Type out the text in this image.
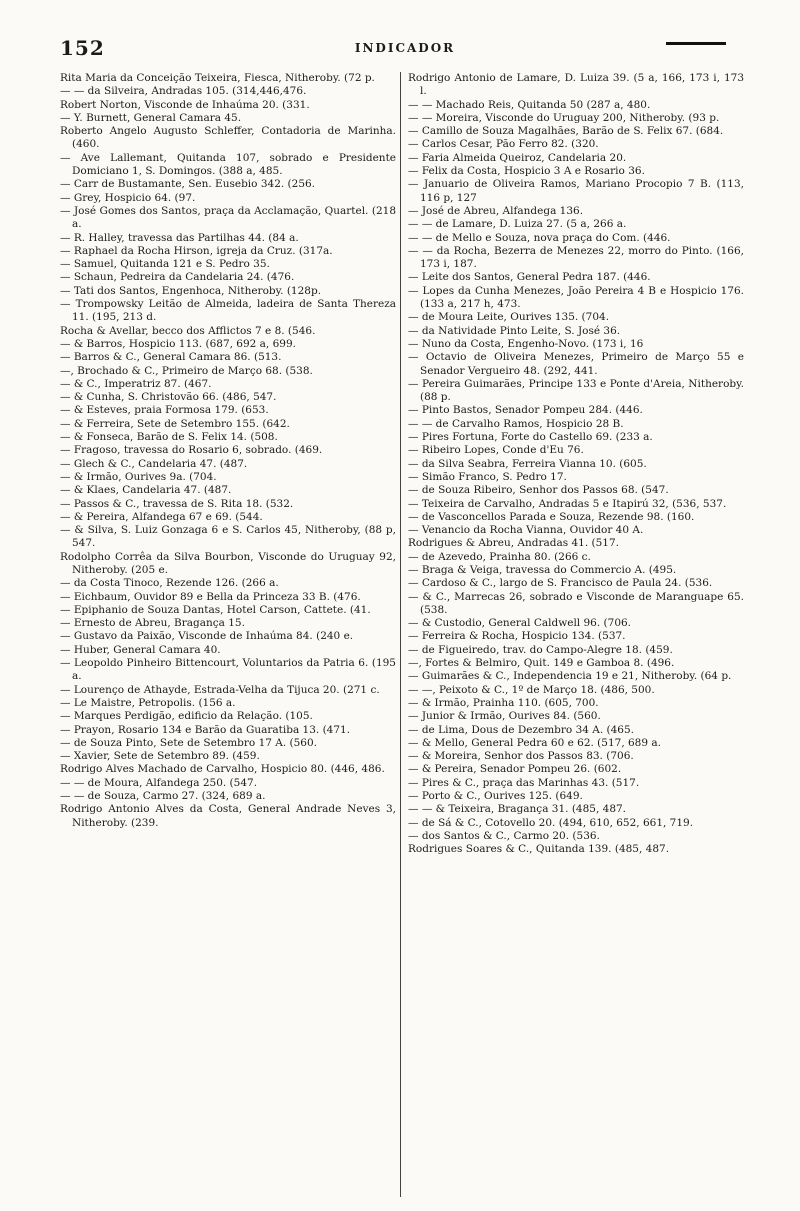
152	INDICADOR
Rita Maria da Conceição Teixeira, Fiesca, Nitheroby. (72 p.
— — da Silveira, Andradas 105. (314,446,476.
Robert Norton, Visconde de Inhaúma 20. (331.
— Y. Burnett, General Camara 45.
Roberto Angelo Augusto Schleffer, Contadoria de Marinha. (460.
— Ave Lallemant, Quitanda 107, sobrado e Presidente Domiciano 1, S. Domingos. (388 a, 485.
— Carr de Bustamante, Sen. Eusebio 342. (256.
— Grey, Hospicio 64. (97.
— José Gomes dos Santos, praça da Acclamação, Quartel. (218 a.
— R. Halley, travessa das Partilhas 44. (84 a.
— Raphael da Rocha Hirson, igreja da Cruz. (317a.
— Samuel, Quitanda 121 e S. Pedro 35.
— Schaun, Pedreira da Candelaria 24. (476.
— Tati dos Santos, Engenhoca, Nitheroby. (128p.
— Trompowsky Leitão de Almeida, ladeira de Santa Thereza 11. (195, 213 d.
Rocha & Avellar, becco dos Afflictos 7 e 8. (546.
— & Barros, Hospicio 113. (687, 692 a, 699.
— Barros & C., General Camara 86. (513.
—, Brochado & C., Primeiro de Março 68. (538.
— & C., Imperatriz 87. (467.
— & Cunha, S. Christovão 66. (486, 547.
— & Esteves, praia Formosa 179. (653.
— & Ferreira, Sete de Setembro 155. (642.
— & Fonseca, Barão de S. Felix 14. (508.
— Fragoso, travessa do Rosario 6, sobrado. (469.
— Glech & C., Candelaria 47. (487.
— & Irmão, Ourives 9a. (704.
— & Klaes, Candelaria 47. (487.
— Passos & C., travessa de S. Rita 18. (532.
— & Pereira, Alfandega 67 e 69. (544.
— & Silva, S. Luiz Gonzaga 6 e S. Carlos 45, Nitheroby, (88 p, 547.
Rodolpho Corrêa da Silva Bourbon, Visconde do Uruguay 92, Nitheroby. (205 e.
— da Costa Tinoco, Rezende 126. (266 a.
— Eichbaum, Ouvidor 89 e Bella da Princeza 33 B. (476.
— Epiphanio de Souza Dantas, Hotel Carson, Cattete. (41.
— Ernesto de Abreu, Bragança 15.
— Gustavo da Paixão, Visconde de Inhaúma 84. (240 e.
— Huber, General Camara 40.
— Leopoldo Pinheiro Bittencourt, Voluntarios da Patria 6. (195 a.
— Lourenço de Athayde, Estrada-Velha da Tijuca 20. (271 c.
— Le Maistre, Petropolis. (156 a.
— Marques Perdigão, edificio da Relação. (105.
— Prayon, Rosario 134 e Barão da Guaratiba 13. (471.
— de Souza Pinto, Sete de Setembro 17 A. (560.
— Xavier, Sete de Setembro 89. (459.
Rodrigo Alves Machado de Carvalho, Hospicio 80. (446, 486.
— — de Moura, Alfandega 250. (547.
— — de Souza, Carmo 27. (324, 689 a.
Rodrigo Antonio Alves da Costa, General Andrade Neves 3, Nitheroby. (239.
Rodrigo Antonio de Lamare, D. Luiza 39. (5 a, 166, 173 i, 173 l.
— — Machado Reis, Quitanda 50 (287 a, 480.
— — Moreira, Visconde do Uruguay 200, Nitheroby. (93 p.
— Camillo de Souza Magalhães, Barão de S. Felix 67. (684.
— Carlos Cesar, Pão Ferro 82. (320.
— Faria Almeida Queiroz, Candelaria 20.
— Felix da Costa, Hospicio 3 A e Rosario 36.
— Januario de Oliveira Ramos, Mariano Procopio 7 B. (113, 116 p, 127
— José de Abreu, Alfandega 136.
— — de Lamare, D. Luiza 27. (5 a, 266 a.
— — de Mello e Souza, nova praça do Com. (446.
— — da Rocha, Bezerra de Menezes 22, morro do Pinto. (166, 173 i, 187.
— Leite dos Santos, General Pedra 187. (446.
— Lopes da Cunha Menezes, João Pereira 4 B e Hospicio 176. (133 a, 217 h, 473.
— de Moura Leite, Ourives 135. (704.
— da Natividade Pinto Leite, S. José 36.
— Nuno da Costa, Engenho-Novo. (173 i, 16
— Octavio de Oliveira Menezes, Primeiro de Março 55 e Senador Vergueiro 48. (292, 441.
— Pereira Guimarães, Principe 133 e Ponte d'Areia, Nitheroby. (88 p.
— Pinto Bastos, Senador Pompeu 284. (446.
— — de Carvalho Ramos, Hospicio 28 B.
— Pires Fortuna, Forte do Castello 69. (233 a.
— Ribeiro Lopes, Conde d'Eu 76.
— da Silva Seabra, Ferreira Vianna 10. (605.
— Simão Franco, S. Pedro 17.
— de Souza Ribeiro, Senhor dos Passos 68. (547.
— Teixeira de Carvalho, Andradas 5 e Itapirú 32, (536, 537.
— de Vasconcellos Parada e Souza, Rezende 98. (160.
— Venancio da Rocha Vianna, Ouvidor 40 A.
Rodrigues & Abreu, Andradas 41. (517.
— de Azevedo, Prainha 80. (266 c.
— Braga & Veiga, travessa do Commercio A. (495.
— Cardoso & C., largo de S. Francisco de Paula 24. (536.
— & C., Marrecas 26, sobrado e Visconde de Maranguape 65. (538.
— & Custodio, General Caldwell 96. (706.
— Ferreira & Rocha, Hospicio 134. (537.
— de Figueiredo, trav. do Campo-Alegre 18. (459.
—, Fortes & Belmiro, Quit. 149 e Gamboa 8. (496.
— Guimarães & C., Independencia 19 e 21, Nitheroby. (64 p.
— —, Peixoto & C., 1º de Março 18. (486, 500.
— & Irmão, Prainha 110. (605, 700.
— Junior & Irmão, Ourives 84. (560.
— de Lima, Dous de Dezembro 34 A. (465.
— & Mello, General Pedra 60 e 62. (517, 689 a.
— & Moreira, Senhor dos Passos 83. (706.
— & Pereira, Senador Pompeu 26. (602.
— Pires & C., praça das Marinhas 43. (517.
— Porto & C., Ourives 125. (649.
— — & Teixeira, Bragança 31. (485, 487.
— de Sá & C., Cotovello 20. (494, 610, 652, 661, 719.
— dos Santos & C., Carmo 20. (536.
Rodrigues Soares & C., Quitanda 139. (485, 487.
